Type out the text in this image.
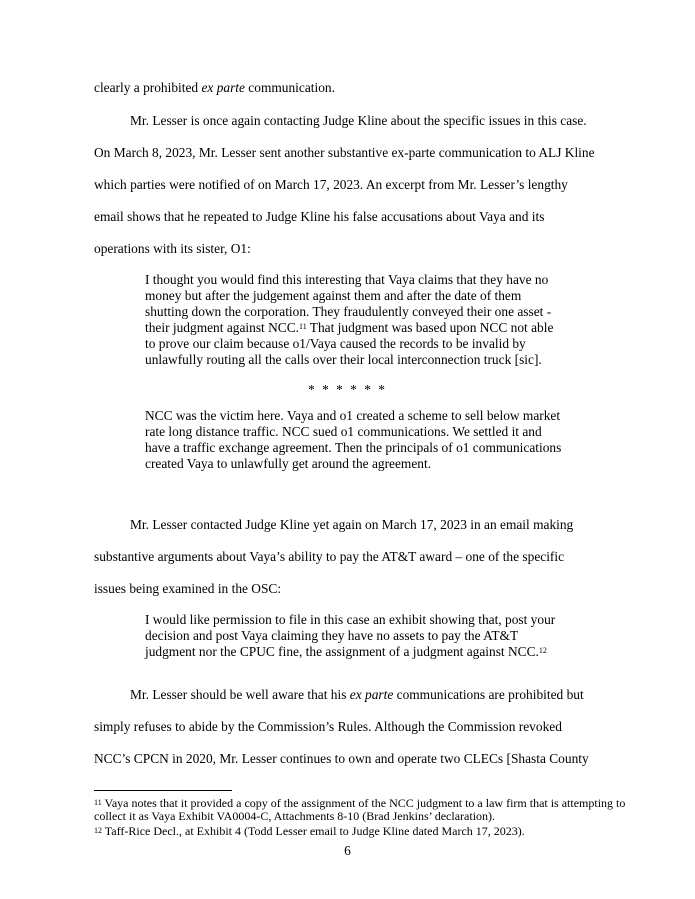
clearly a prohibited ex parte communication.
Mr. Lesser is once again contacting Judge Kline about the specific issues in this case.
On March 8, 2023, Mr. Lesser sent another substantive ex-parte communication to ALJ Kline
which parties were notified of on March 17, 2023. An excerpt from Mr. Lesser’s lengthy
email shows that he repeated to Judge Kline his false accusations about Vaya and its
operations with its sister, O1:

I thought you would find this interesting that Vaya claims that they have no money but after the judgement against them and after the date of them shutting down the corporation. They fraudulently conveyed their one asset - their judgment against NCC.$^{11}$ That judgment was based upon NCC not able to prove our claim because o1/Vaya caused the records to be invalid by unlawfully routing all the calls over their local interconnection truck [sic].

* * * * * *

NCC was the victim here. Vaya and o1 created a scheme to sell below market rate long distance traffic. NCC sued o1 communications. We settled it and have a traffic exchange agreement. Then the principals of o1 communications created Vaya to unlawfully get around the agreement.

Mr. Lesser contacted Judge Kline yet again on March 17, 2023 in an email making
substantive arguments about Vaya’s ability to pay the AT&T award – one of the specific
issues being examined in the OSC:

I would like permission to file in this case an exhibit showing that, post your decision and post Vaya claiming they have no assets to pay the AT&T judgment nor the CPUC fine, the assignment of a judgment against NCC.$^{12}$

Mr. Lesser should be well aware that his ex parte communications are prohibited but
simply refuses to abide by the Commission’s Rules. Although the Commission revoked
NCC’s CPCN in 2020, Mr. Lesser continues to own and operate two CLECs [Shasta County

$^{11}$ Vaya notes that it provided a copy of the assignment of the NCC judgment to a law firm that is attempting to collect it as Vaya Exhibit VA0004-C, Attachments 8-10 (Brad Jenkins’ declaration).

$^{12}$ Taff-Rice Decl., at Exhibit 4 (Todd Lesser email to Judge Kline dated March 17, 2023).

6
